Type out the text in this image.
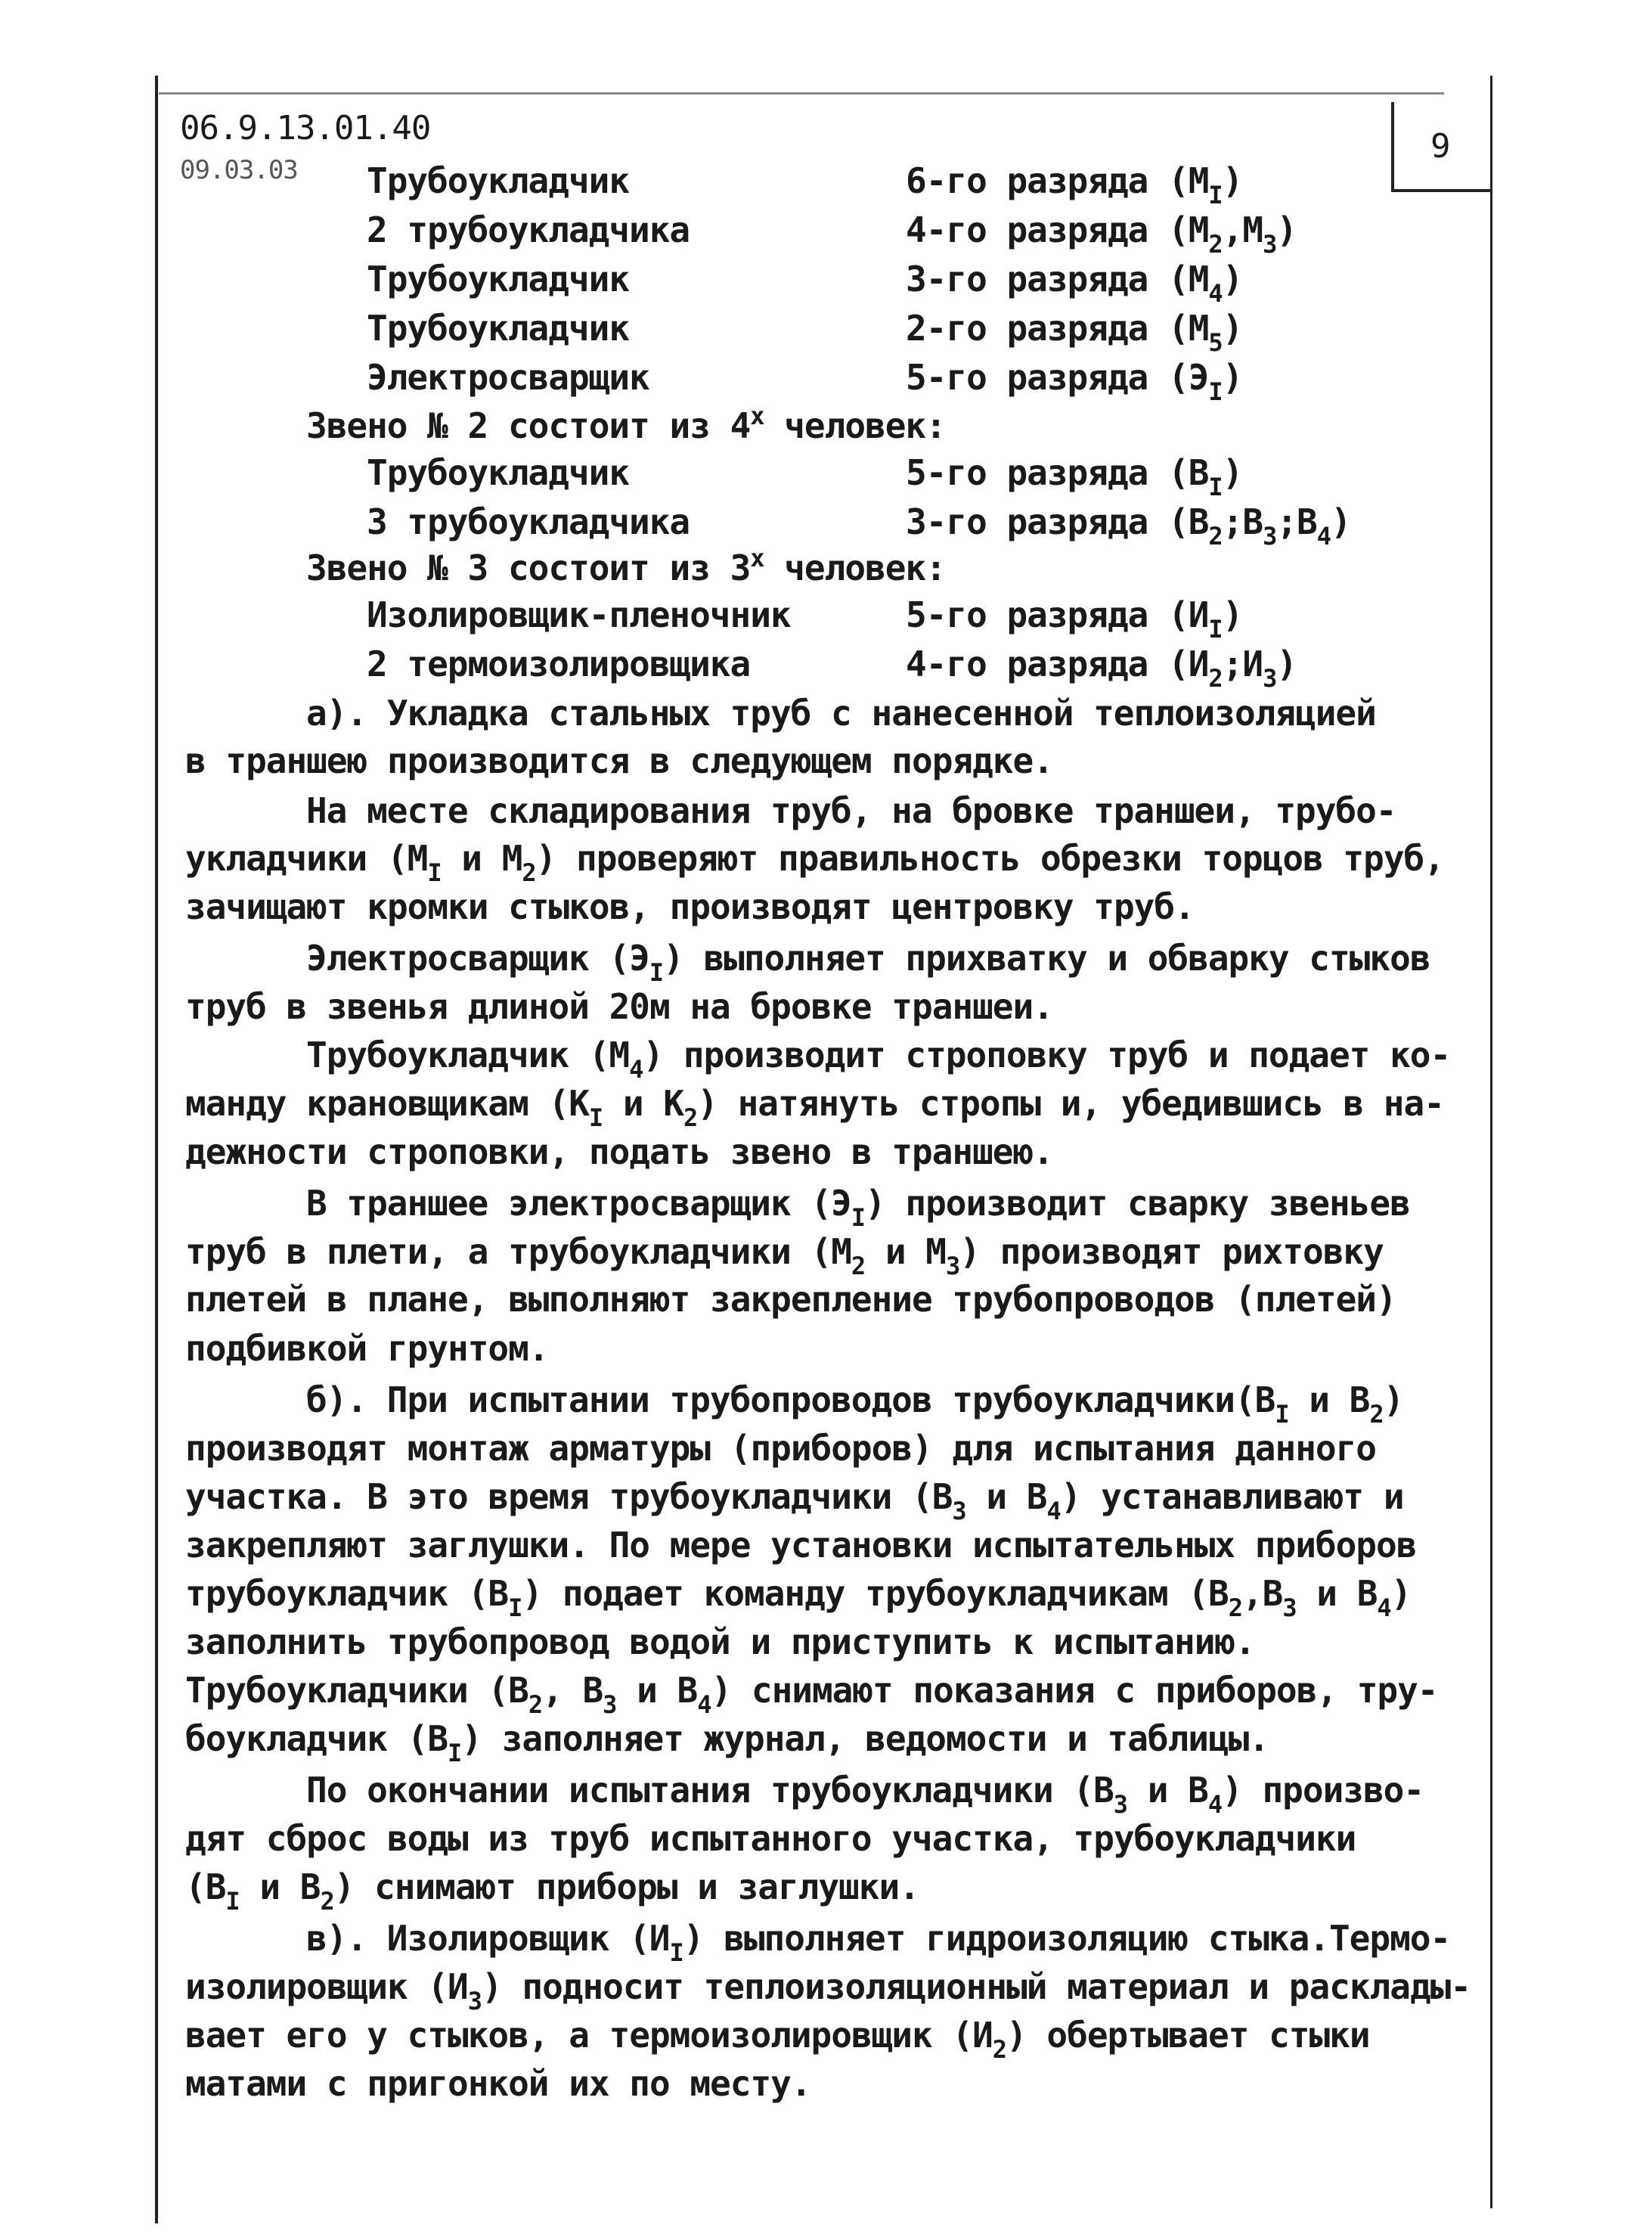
9
06.9.13.01.40
09.03.03 Трубоукладчик	6-го разряда $(М_I)$
2 трубоукладчика	4-го разряда $(М_2,М_3)$
Трубоукладчик	3-го разряда $(М_4)$
Трубоукладчик	2-го разряда $(М_5)$
Электросварщик	5-го разряда $(Э_I)$
Трубоукладчик	5-го разряда $(В_I)$
3 трубоукладчика	3-го разряда $(В_2;В_3;В_4)$
Изолировщик-пленочник	5-го разряда $(И_I)$
2 термоизолировщика	4-го разряда $(И_2;И_3)$
Звено № 2 состоит из $4^х$ человек:
Звено № 3 состоит из $3^х$ человек:
а). Укладка стальных труб с нанесенной теплоизоляцией
в траншею производится в следующем порядке.
На месте складирования труб, на бровке траншеи, трубо-
укладчики ($М_I$ и $М_2$) проверяют правильность обрезки торцов труб,
зачищают кромки стыков, производят центровку труб.
Электросварщик $(Э_I)$ выполняет прихватку и обварку стыков
труб в звенья длиной 20м на бровке траншеи.
Трубоукладчик $(М_4)$ производит строповку труб и подает ко-
манду крановщикам ($К_I$ и $К_2$) натянуть стропы и, убедившись в на-
дежности строповки, подать звено в траншею.
В траншее электросварщик $(Э_I)$ производит сварку звеньев
труб в плети, а трубоукладчики ($М_2$ и $М_3$) производят рихтовку
плетей в плане, выполняют закрепление трубопроводов (плетей)
подбивкой грунтом.
б). При испытании трубопроводов $трубоукладчики(В_I$ и $В_2$)
производят монтаж арматуры (приборов) для испытания данного
участка. В это время трубоукладчики ($В_3$ и $В_4$) устанавливают и
закрепляют заглушки. По мере установки испытательных приборов
трубоукладчик $(В_I)$ подает команду трубоукладчикам ($В_2,В_3$ и $В_4$)
заполнить трубопровод водой и приступить к испытанию.
Трубоукладчики ($В_2$, $В_3$ и $В_4$) снимают показания с приборов, тру-
боукладчик $(В_I)$ заполняет журнал, ведомости и таблицы.
По окончании испытания трубоукладчики ($В_3$ и $В_4$) произво-
дят сброс воды из труб испытанного участка, трубоукладчики
($В_I$ и $В_2$) снимают приборы и заглушки.
в). Изолировщик $(И_I)$ выполняет гидроизоляцию стыка.Термо-
изолировщик $(И_3)$ подносит теплоизоляционный материал и расклады-
вает его у стыков, а термоизолировщик $(И_2)$ обертывает стыки
матами с пригонкой их по месту.
